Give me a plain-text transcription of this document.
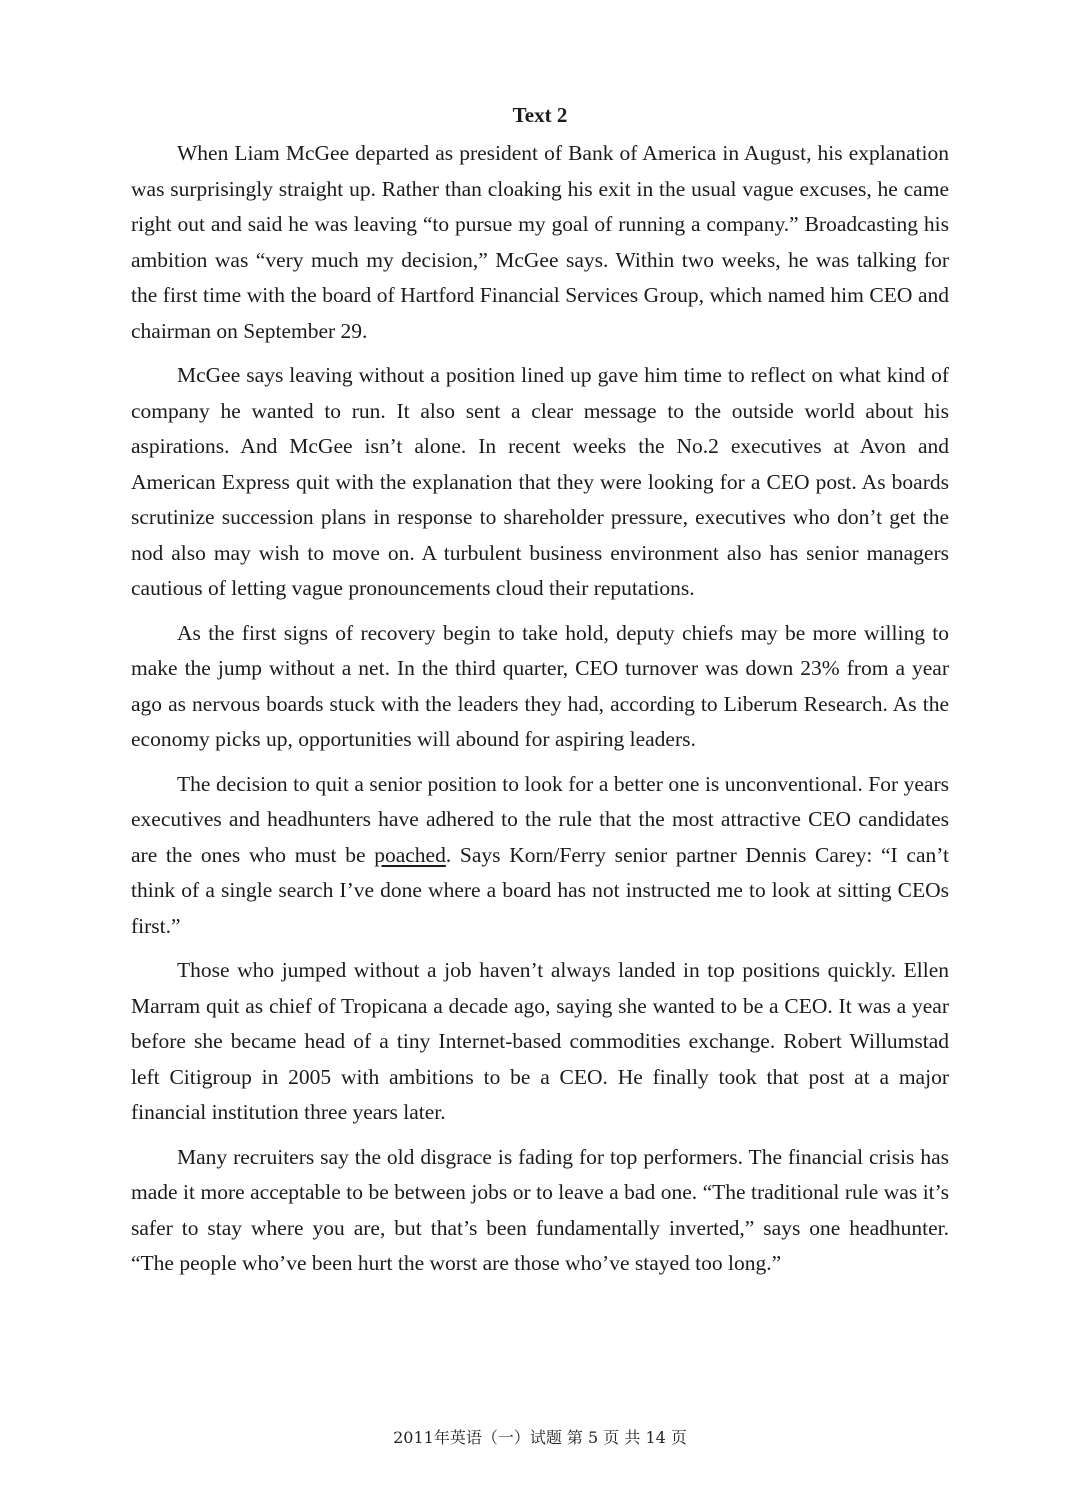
Text 2

When Liam McGee departed as president of Bank of America in August, his explanation was surprisingly straight up. Rather than cloaking his exit in the usual vague excuses, he came right out and said he was leaving “to pursue my goal of running a company.” Broadcasting his ambition was “very much my decision,” McGee says. Within two weeks, he was talking for the first time with the board of Hartford Financial Services Group, which named him CEO and chairman on September 29.

McGee says leaving without a position lined up gave him time to reflect on what kind of company he wanted to run. It also sent a clear message to the outside world about his aspirations. And McGee isn’t alone. In recent weeks the No.2 executives at Avon and American Express quit with the explanation that they were looking for a CEO post. As boards scrutinize succession plans in response to shareholder pressure, executives who don’t get the nod also may wish to move on. A turbulent business environment also has senior managers cautious of letting vague pronouncements cloud their reputations.

As the first signs of recovery begin to take hold, deputy chiefs may be more willing to make the jump without a net. In the third quarter, CEO turnover was down 23% from a year ago as nervous boards stuck with the leaders they had, according to Liberum Research. As the economy picks up, opportunities will abound for aspiring leaders.

The decision to quit a senior position to look for a better one is unconventional. For years executives and headhunters have adhered to the rule that the most attractive CEO candidates are the ones who must be poached. Says Korn/Ferry senior partner Dennis Carey: “I can’t think of a single search I’ve done where a board has not instructed me to look at sitting CEOs first.”

Those who jumped without a job haven’t always landed in top positions quickly. Ellen Marram quit as chief of Tropicana a decade ago, saying she wanted to be a CEO. It was a year before she became head of a tiny Internet-based commodities exchange. Robert Willumstad left Citigroup in 2005 with ambitions to be a CEO. He finally took that post at a major financial institution three years later.

Many recruiters say the old disgrace is fading for top performers. The financial crisis has made it more acceptable to be between jobs or to leave a bad one. “The traditional rule was it’s safer to stay where you are, but that’s been fundamentally inverted,” says one headhunter. “The people who’ve been hurt the worst are those who’ve stayed too long.”

2011年英语（一）试题 第 5 页 共 14 页
